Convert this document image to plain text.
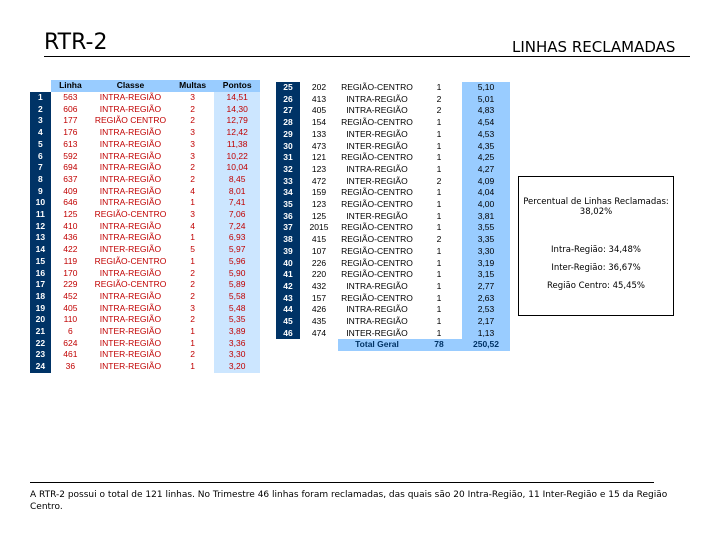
RTR-2	LINHAS RECLAMADAS
	Linha	Classe	Multas	Pontos
1	563	INTRA-REGIÃO	3	14,51
2	606	INTRA-REGIÃO	2	14,30
3	177	REGIÃO CENTRO	2	12,79
4	176	INTRA-REGIÃO	3	12,42
5	613	INTRA-REGIÃO	3	11,38
6	592	INTRA-REGIÃO	3	10,22
7	694	INTRA-REGIÃO	2	10,04
8	637	INTRA-REGIÃO	2	8,45
9	409	INTRA-REGIÃO	4	8,01
10	646	INTRA-REGIÃO	1	7,41
11	125	REGIÃO-CENTRO	3	7,06
12	410	INTRA-REGIÃO	4	7,24
13	436	INTRA-REGIÃO	1	6,93
14	422	INTER-REGIÃO	5	5,97
15	119	REGIÃO-CENTRO	1	5,96
16	170	INTRA-REGIÃO	2	5,90
17	229	REGIÃO-CENTRO	2	5,89
18	452	INTRA-REGIÃO	2	5,58
19	405	INTRA-REGIÃO	3	5,48
20	110	INTRA-REGIÃO	2	5,35
21	6	INTER-REGIÃO	1	3,89
22	624	INTER-REGIÃO	1	3,36
23	461	INTER-REGIÃO	2	3,30
24	36	INTER-REGIÃO	1	3,20
25	202	REGIÃO-CENTRO	1	5,10
26	413	INTRA-REGIÃO	2	5,01
27	405	INTRA-REGIÃO	2	4,83
28	154	REGIÃO-CENTRO	1	4,54
29	133	INTER-REGIÃO	1	4,53
30	473	INTER-REGIÃO	1	4,35
31	121	REGIÃO-CENTRO	1	4,25
32	123	INTRA-REGIÃO	1	4,27
33	472	INTER-REGIÃO	2	4,09
34	159	REGIÃO-CENTRO	1	4,04
35	123	REGIÃO-CENTRO	1	4,00
36	125	INTER-REGIÃO	1	3,81
37	2015	REGIÃO-CENTRO	1	3,55
38	415	REGIÃO-CENTRO	2	3,35
39	107	REGIÃO-CENTRO	1	3,30
40	226	REGIÃO-CENTRO	1	3,19
41	220	REGIÃO-CENTRO	1	3,15
42	432	INTRA-REGIÃO	1	2,77
43	157	REGIÃO-CENTRO	1	2,63
44	426	INTRA-REGIÃO	1	2,53
45	435	INTRA-REGIÃO	1	2,17
46	474	INTER-REGIÃO	1	1,13
		Total Geral	78	250,52
Percentual de Linhas Reclamadas: 38,02%
Intra-Região: 34,48%
Inter-Região: 36,67%
Região Centro: 45,45%
A RTR-2 possui o total de 121 linhas. No Trimestre 46 linhas foram reclamadas, das quais são 20 Intra-Região, 11 Inter-Região e 15 da Região Centro.
